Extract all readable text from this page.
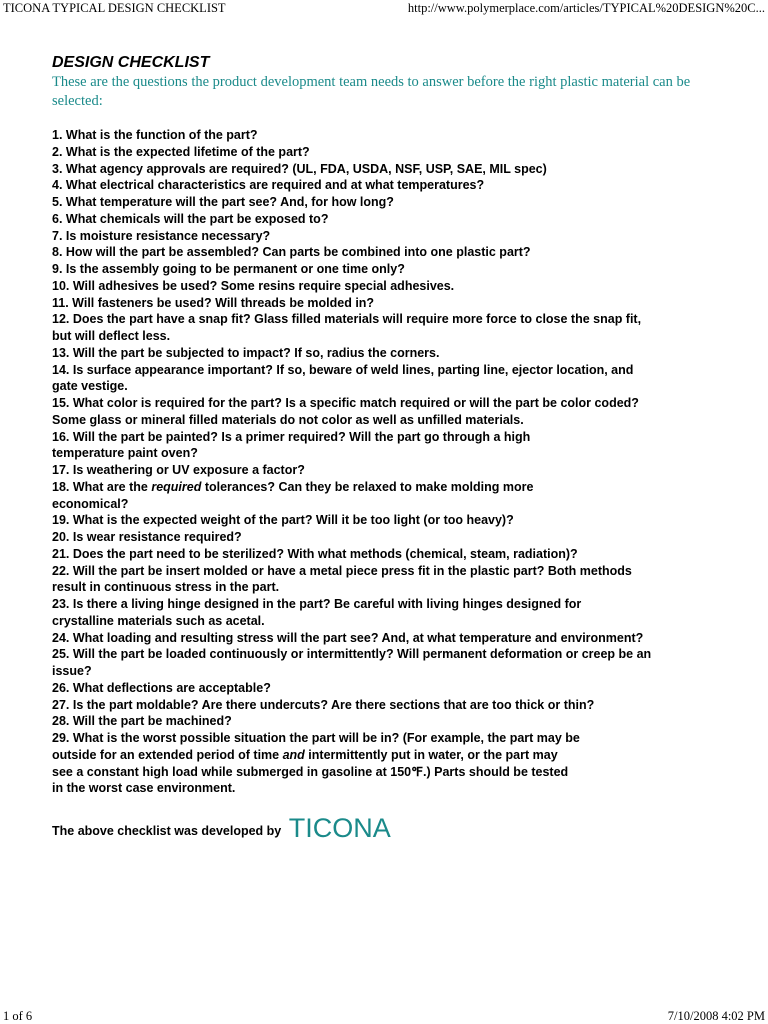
TICONA TYPICAL DESIGN CHECKLIST	http://www.polymerplace.com/articles/TYPICAL%20DESIGN%20C...
DESIGN CHECKLIST

These are the questions the product development team needs to answer before the right plastic material can be selected:

1. What is the function of the part?
2. What is the expected lifetime of the part?
3. What agency approvals are required? (UL, FDA, USDA, NSF, USP, SAE, MIL spec)
4. What electrical characteristics are required and at what temperatures?
5. What temperature will the part see? And, for how long?
6. What chemicals will the part be exposed to?
7. Is moisture resistance necessary?
8. How will the part be assembled? Can parts be combined into one plastic part?
9. Is the assembly going to be permanent or one time only?
10. Will adhesives be used? Some resins require special adhesives.
11. Will fasteners be used? Will threads be molded in?
12. Does the part have a snap fit? Glass filled materials will require more force to close the snap fit,
but will deflect less.
13. Will the part be subjected to impact? If so, radius the corners.
14. Is surface appearance important? If so, beware of weld lines, parting line, ejector location, and
gate vestige.
15. What color is required for the part? Is a specific match required or will the part be color coded?
Some glass or mineral filled materials do not color as well as unfilled materials.
16. Will the part be painted? Is a primer required? Will the part go through a high
temperature paint oven?
17. Is weathering or UV exposure a factor?
18. What are the required tolerances? Can they be relaxed to make molding more
economical?
19. What is the expected weight of the part? Will it be too light (or too heavy)?
20. Is wear resistance required?
21. Does the part need to be sterilized? With what methods (chemical, steam, radiation)?
22. Will the part be insert molded or have a metal piece press fit in the plastic part? Both methods
result in continuous stress in the part.
23. Is there a living hinge designed in the part? Be careful with living hinges designed for
crystalline materials such as acetal.
24. What loading and resulting stress will the part see? And, at what temperature and environment?
25. Will the part be loaded continuously or intermittently? Will permanent deformation or creep be an
issue?
26. What deflections are acceptable?
27. Is the part moldable? Are there undercuts? Are there sections that are too thick or thin?
28. Will the part be machined?
29. What is the worst possible situation the part will be in? (For example, the part may be
outside for an extended period of time and intermittently put in water, or the part may
see a constant high load while submerged in gasoline at 150℉.) Parts should be tested
in the worst case environment.
The above checklist was developed by TICONA
1 of 6	7/10/2008 4:02 PM
